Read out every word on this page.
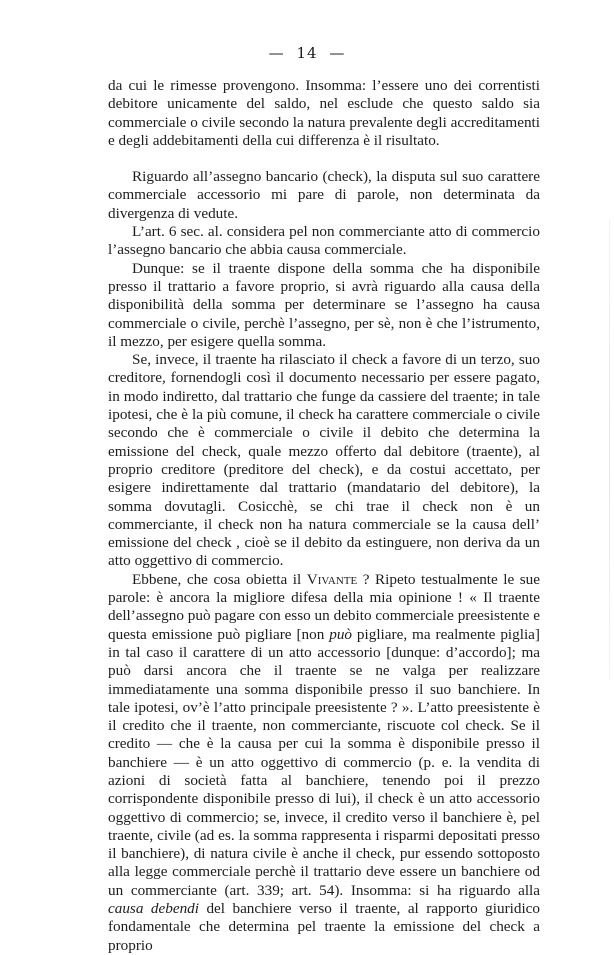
— 14 —

da cui le rimesse provengono. Insomma: l’essere uno dei correntisti debitore unicamente del saldo, nel esclude che questo saldo sia commerciale o civile secondo la natura prevalente degli accreditamenti e degli addebitamenti della cui differenza è il risultato.

Riguardo all’assegno bancario (check), la disputa sul suo carattere commerciale accessorio mi pare di parole, non determinata da divergenza di vedute.

L’art. 6 sec. al. considera pel non commerciante atto di commercio l’assegno bancario che abbia causa commerciale.

Dunque: se il traente dispone della somma che ha disponibile presso il trattario a favore proprio, si avrà riguardo alla causa della disponibilità della somma per determinare se l’assegno ha causa commerciale o civile, perchè l’assegno, per sè, non è che l’istrumento, il mezzo, per esigere quella somma.

Se, invece, il traente ha rilasciato il check a favore di un terzo, suo creditore, fornendogli così il documento necessario per essere pagato, in modo indiretto, dal trattario che funge da cassiere del traente; in tale ipotesi, che è la più comune, il check ha carattere commerciale o civile secondo che è commerciale o civile il debito che determina la emissione del check, quale mezzo offerto dal debitore (traente), al proprio creditore (preditore del check), e da costui accettato, per esigere indirettamente dal trattario (mandatario del debitore), la somma dovutagli. Cosicchè, se chi trae il check non è un commerciante, il check non ha natura commerciale se la causa dell’ emissione del check , cioè se il debito da estinguere, non deriva da un atto oggettivo di commercio.

Ebbene, che cosa obietta il Vivante ? Ripeto testualmente le sue parole: è ancora la migliore difesa della mia opinione ! « Il traente dell’assegno può pagare con esso un debito commerciale preesistente e questa emissione può pigliare [non può pigliare, ma realmente piglia] in tal caso il carattere di un atto accessorio [dunque: d’accordo]; ma può darsi ancora che il traente se ne valga per realizzare immediatamente una somma disponibile presso il suo banchiere. In tale ipotesi, ov’è l’atto principale preesistente ? ». L’atto preesistente è il credito che il traente, non commerciante, riscuote col check. Se il credito — che è la causa per cui la somma è disponibile presso il banchiere — è un atto oggettivo di commercio (p. e. la vendita di azioni di società fatta al banchiere, tenendo poi il prezzo corrispondente disponibile presso di lui), il check è un atto accessorio oggettivo di commercio; se, invece, il credito verso il banchiere è, pel traente, civile (ad es. la somma rappresenta i risparmi depositati presso il banchiere), di natura civile è anche il check, pur essendo sottoposto alla legge commerciale perchè il trattario deve essere un banchiere od un commerciante (art. 339; art. 54). Insomma: si ha riguardo alla causa debendi del banchiere verso il traente, al rapporto giuridico fondamentale che determina pel traente la emissione del check a proprio
